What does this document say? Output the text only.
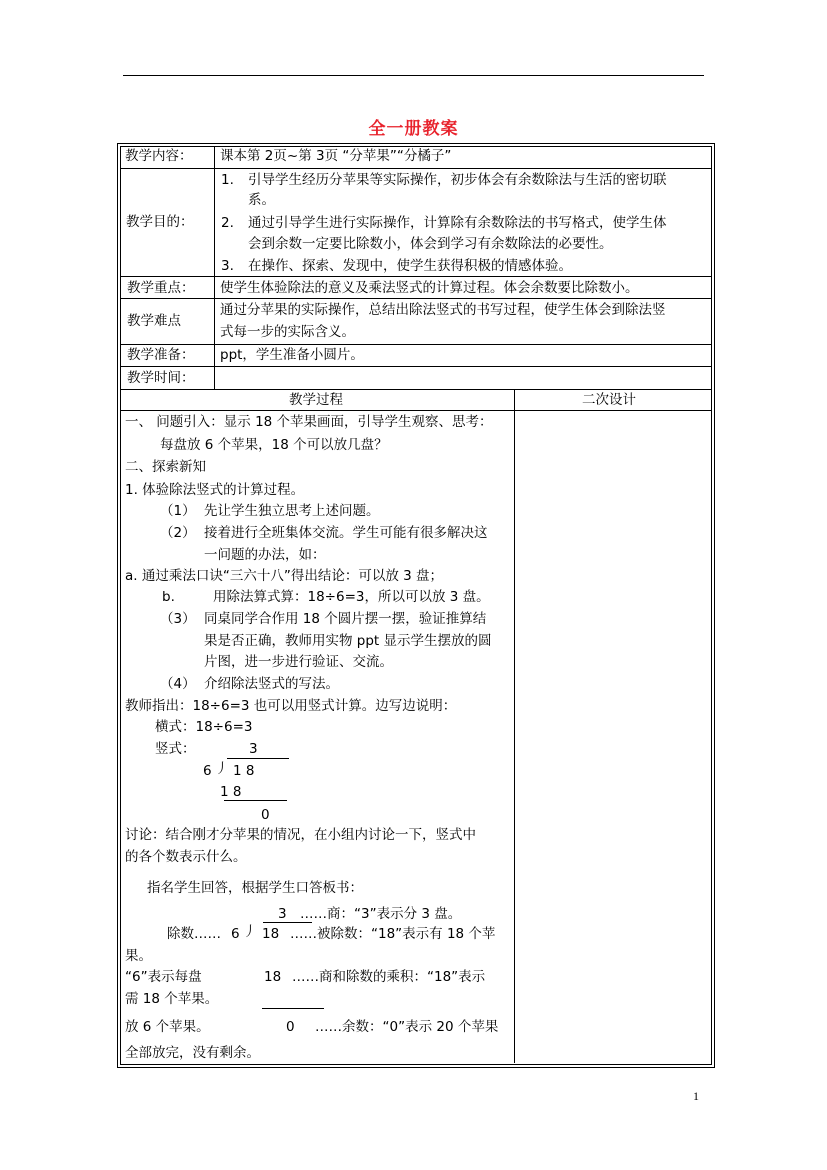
全一册教案
教学内容： 课本第 2页~第 3页 “分苹果”“分橘子”
教学目的：
1. 引导学生经历分苹果等实际操作，初步体会有余数除法与生活的密切联
系。
2. 通过引导学生进行实际操作，计算除有余数除法的书写格式，使学生体
会到余数一定要比除数小，体会到学习有余数除法的必要性。
3. 在操作、探索、发现中，使学生获得积极的情感体验。
教学重点： 使学生体验除法的意义及乘法竖式的计算过程。体会余数要比除数小。
教学难点
通过分苹果的实际操作，总结出除法竖式的书写过程，使学生体会到除法竖
式每一步的实际含义。
教学准备： ppt，学生准备小圆片。
教学时间：
教学过程	二次设计
一、 问题引入：显示 18 个苹果画面，引导学生观察、思考：
每盘放 6 个苹果，18 个可以放几盘？
二、探索新知
1. 体验除法竖式的计算过程。
（1） 先让学生独立思考上述问题。
（2） 接着进行全班集体交流。学生可能有很多解决这
一问题的办法，如：
a. 通过乘法口诀“三六十八”得出结论：可以放 3 盘；
b.	用除法算式算：18÷6=3，所以可以放 3 盘。
（3） 同桌同学合作用 18 个圆片摆一摆，验证推算结
果是否正确，教师用实物 ppt 显示学生摆放的圆
片图，进一步进行验证、交流。
（4） 介绍除法竖式的写法。
教师指出：18÷6=3 也可以用竖式计算。边写边说明：
横式：18÷6=3
竖式：	3
6 丿 1 8
1 8
0
讨论：结合刚才分苹果的情况，在小组内讨论一下，竖式中
的各个数表示什么。
指名学生回答，根据学生口答板书：
3
6 丿 18
18
0
……商：“3”表示分 3 盘。
除数……	……被除数：“18”表示有 18 个苹
果。
“6”表示每盘	……商和除数的乘积：“18”表示
需 18 个苹果。
放 6 个苹果。	……余数：“0”表示 20 个苹果
全部放完，没有剩余。
1
